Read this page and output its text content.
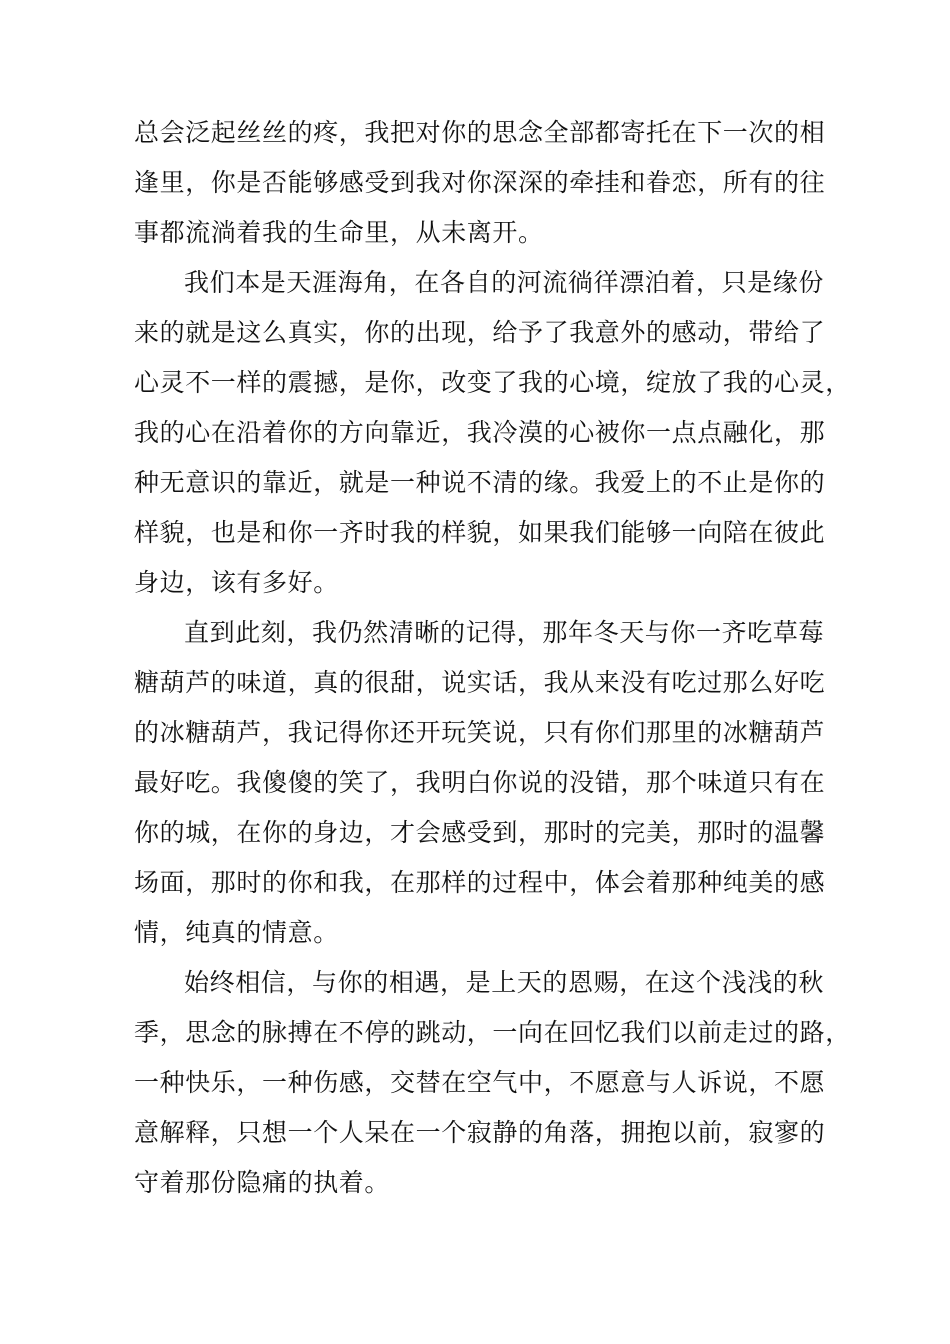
总会泛起丝丝的疼，我把对你的思念全部都寄托在下一次的相
逢里，你是否能够感受到我对你深深的牵挂和眷恋，所有的往
事都流淌着我的生命里，从未离开。
我们本是天涯海角，在各自的河流徜徉漂泊着，只是缘份
来的就是这么真实，你的出现，给予了我意外的感动，带给了
心灵不一样的震撼，是你，改变了我的心境，绽放了我的心灵，
我的心在沿着你的方向靠近，我冷漠的心被你一点点融化，那
种无意识的靠近，就是一种说不清的缘。我爱上的不止是你的
样貌，也是和你一齐时我的样貌，如果我们能够一向陪在彼此
身边，该有多好。
直到此刻，我仍然清晰的记得，那年冬天与你一齐吃草莓
糖葫芦的味道，真的很甜，说实话，我从来没有吃过那么好吃
的冰糖葫芦，我记得你还开玩笑说，只有你们那里的冰糖葫芦
最好吃。我傻傻的笑了，我明白你说的没错，那个味道只有在
你的城，在你的身边，才会感受到，那时的完美，那时的温馨
场面，那时的你和我，在那样的过程中，体会着那种纯美的感
情，纯真的情意。
始终相信，与你的相遇，是上天的恩赐，在这个浅浅的秋
季，思念的脉搏在不停的跳动，一向在回忆我们以前走过的路，
一种快乐，一种伤感，交替在空气中，不愿意与人诉说，不愿
意解释，只想一个人呆在一个寂静的角落，拥抱以前，寂寥的
守着那份隐痛的执着。
